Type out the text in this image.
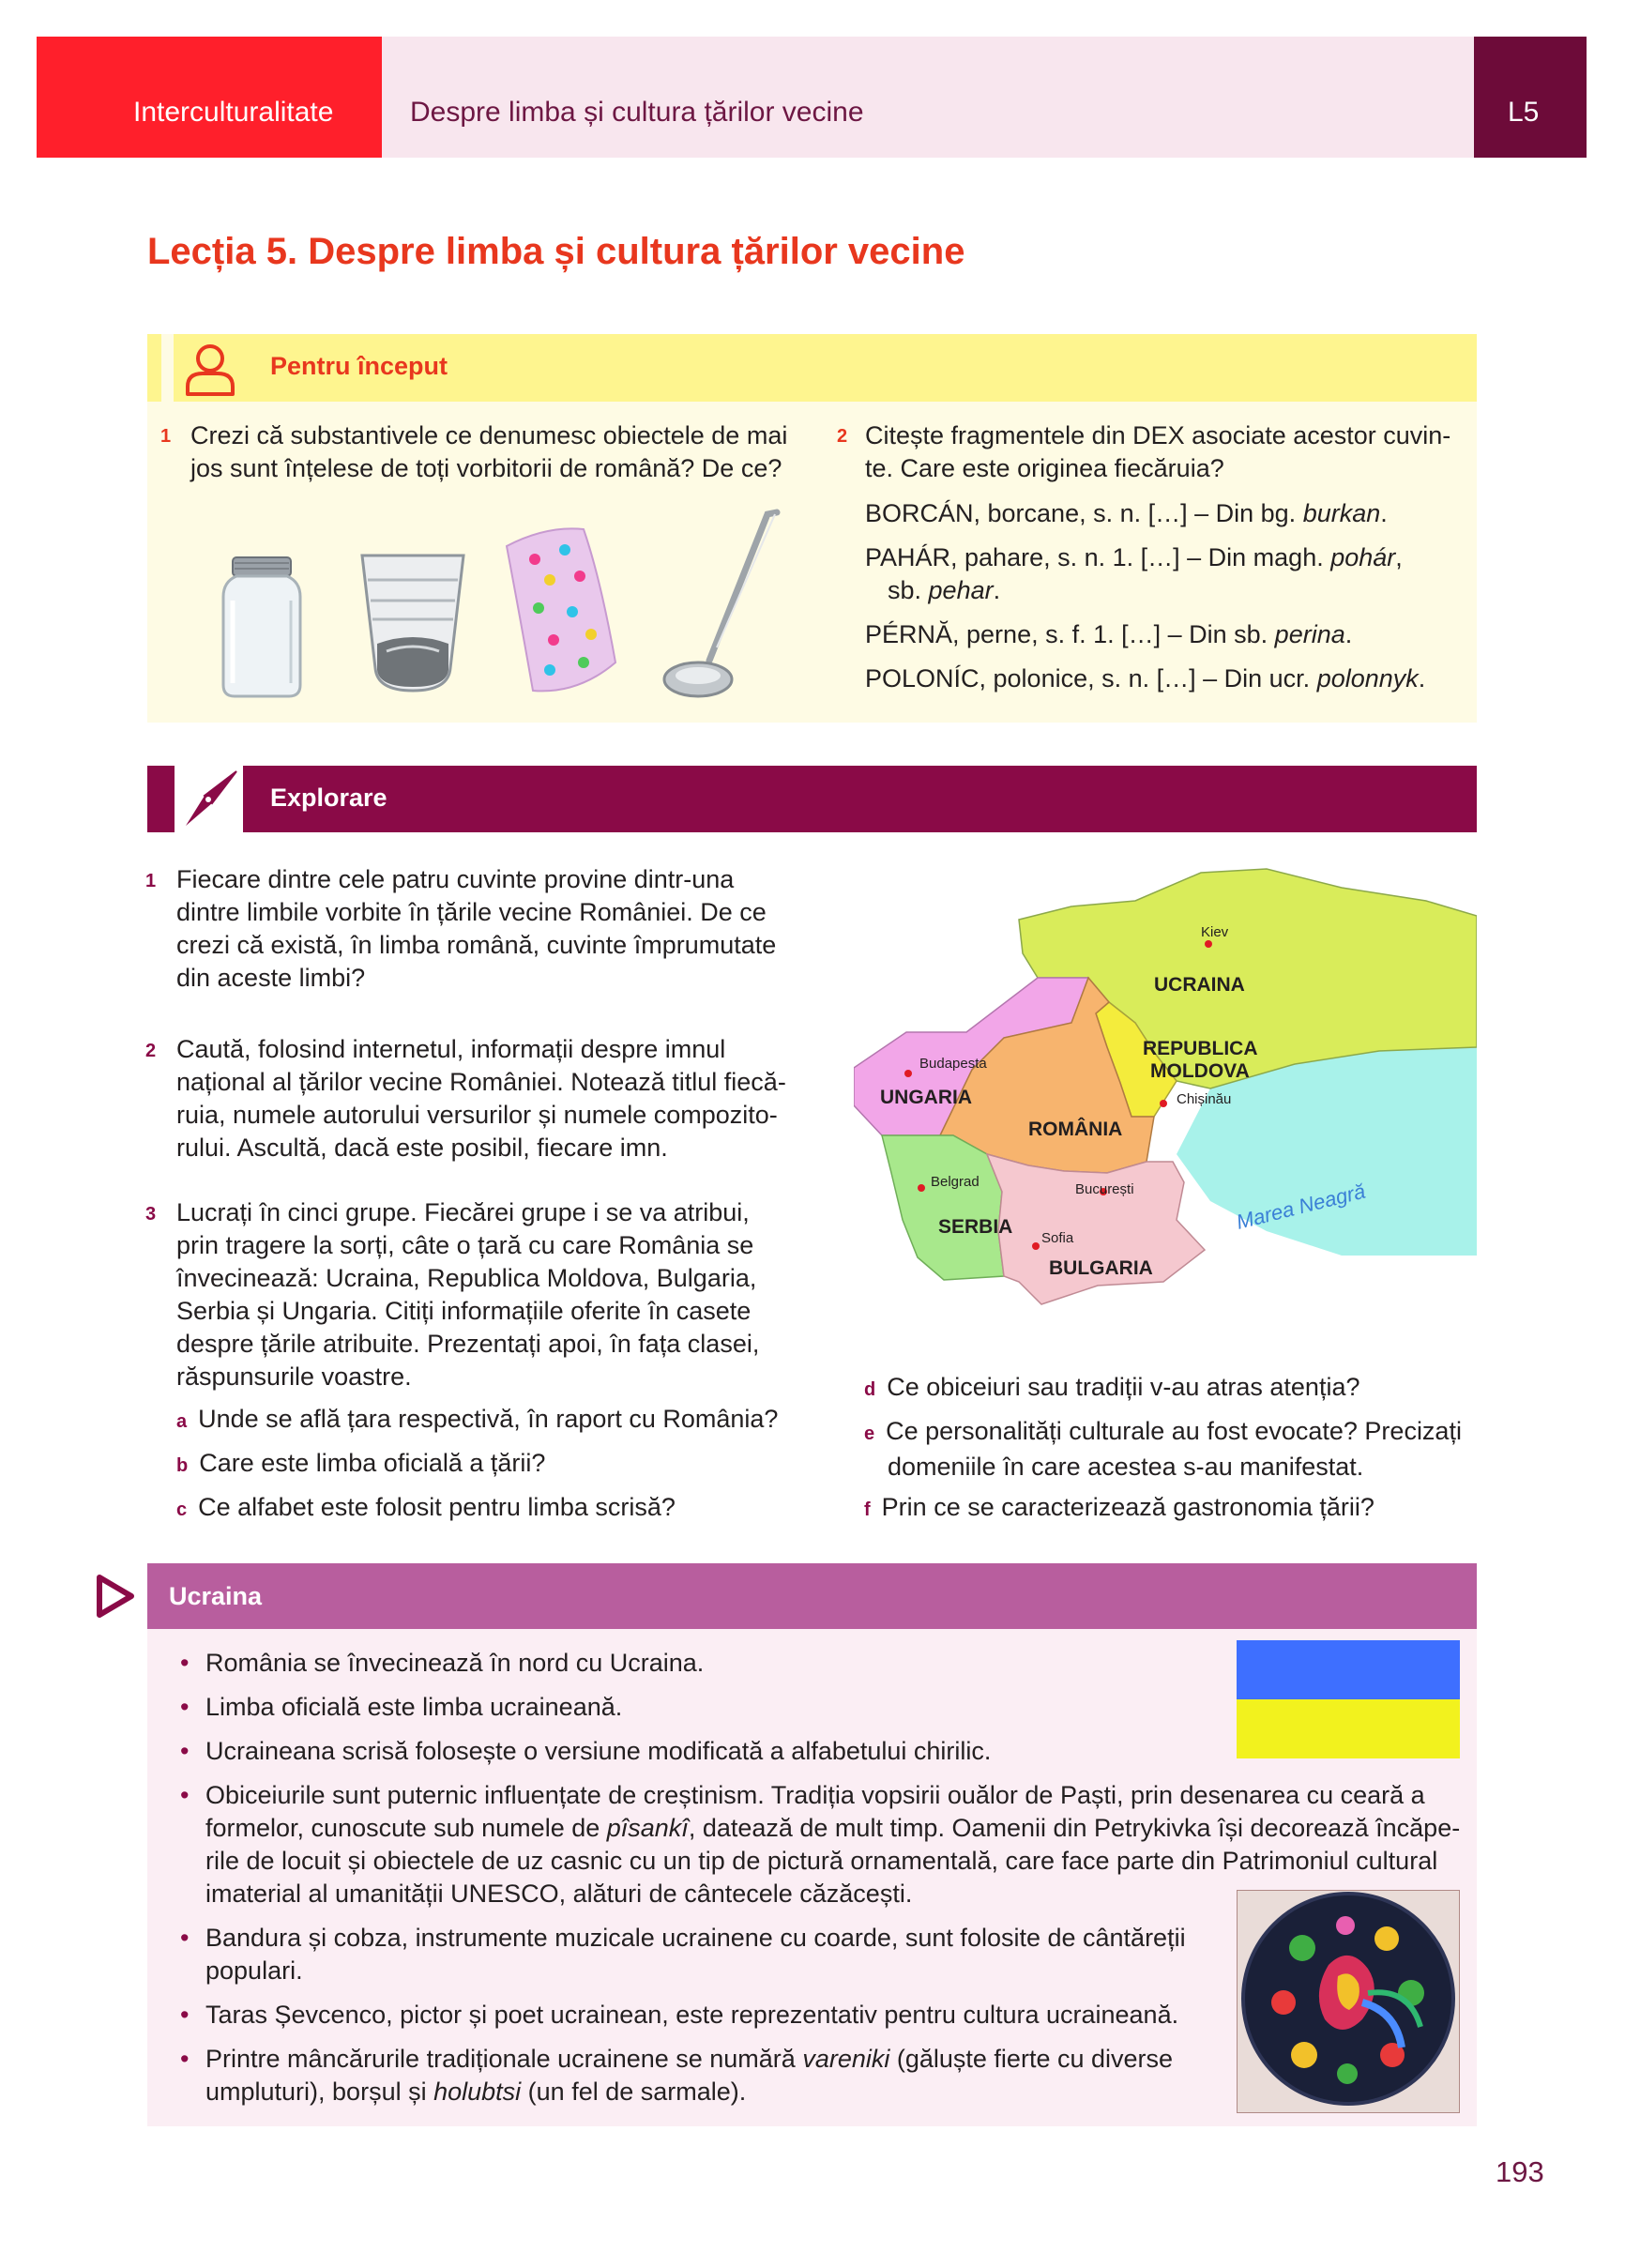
Interculturalitate	Despre limba și cultura țărilor vecine	L5
Lecția 5. Despre limba și cultura țărilor vecine
Pentru început
1 Crezi că substantivele ce denumesc obiectele de mai
jos sunt înțelese de toți vorbitorii de română? De ce?
2 Citește fragmentele din DEX asociate acestor cuvin-
te. Care este originea fiecăruia?
BORCÁN, borcane, s. n. […] – Din bg. burkan.
PAHÁR, pahare, s. n. 1. […] – Din magh. pohár,
sb. pehar.
PÉRNĂ, perne, s. f. 1. […] – Din sb. perina.
POLONÍC, polonice, s. n. […] – Din ucr. polonnyk.
Explorare
1 Fiecare dintre cele patru cuvinte provine dintr-una
dintre limbile vorbite în țările vecine României. De ce
crezi că există, în limba română, cuvinte împrumutate
din aceste limbi?
2 Caută, folosind internetul, informații despre imnul
național al țărilor vecine României. Notează titlul fiecă-
ruia, numele autorului versurilor și numele compozito-
rului. Ascultă, dacă este posibil, fiecare imn.
3 Lucrați în cinci grupe. Fiecărei grupe i se va atribui,
prin tragere la sorți, câte o țară cu care România se
învecinează: Ucraina, Republica Moldova, Bulgaria,
Serbia și Ungaria. Citiți informațiile oferite în casete
despre țările atribuite. Prezentați apoi, în fața clasei,
răspunsurile voastre.
a Unde se află țara respectivă, în raport cu România?
b Care este limba oficială a țării?
c Ce alfabet este folosit pentru limba scrisă?
d Ce obiceiuri sau tradiții v-au atras atenția?
e Ce personalități culturale au fost evocate? Precizați
domeniile în care acestea s-au manifestat.
f Prin ce se caracterizează gastronomia țării?
Kiev
Budapesta
Chișinău
Belgrad	București
Sofia
UCRAINA
REPUBLICA
MOLDOVA
UNGARIA
ROMÂNIA
SERBIA
BULGARIA
Marea Neagră
Ucraina
• România se învecinează în nord cu Ucraina.
• Limba oficială este limba ucraineană.
• Ucraineana scrisă folosește o versiune modificată a alfabetului chirilic.
• Obiceiurile sunt puternic influențate de creștinism. Tradiția vopsirii ouălor de Paști, prin desenarea cu ceară a
formelor, cunoscute sub numele de pîsankî, datează de mult timp. Oamenii din Petrykivka își decorează încăpe-
rile de locuit și obiectele de uz casnic cu un tip de pictură ornamentală, care face parte din Patrimoniul cultural
imaterial al umanității UNESCO, alături de cântecele căzăcești.
• Bandura și cobza, instrumente muzicale ucrainene cu coarde, sunt folosite de cântăreții
populari.
• Taras Șevcenco, pictor și poet ucrainean, este reprezentativ pentru cultura ucraineană.
• Printre mâncărurile tradiționale ucrainene se numără vareniki (găluște fierte cu diverse
umpluturi), borșul și holubtsi (un fel de sarmale).
193
